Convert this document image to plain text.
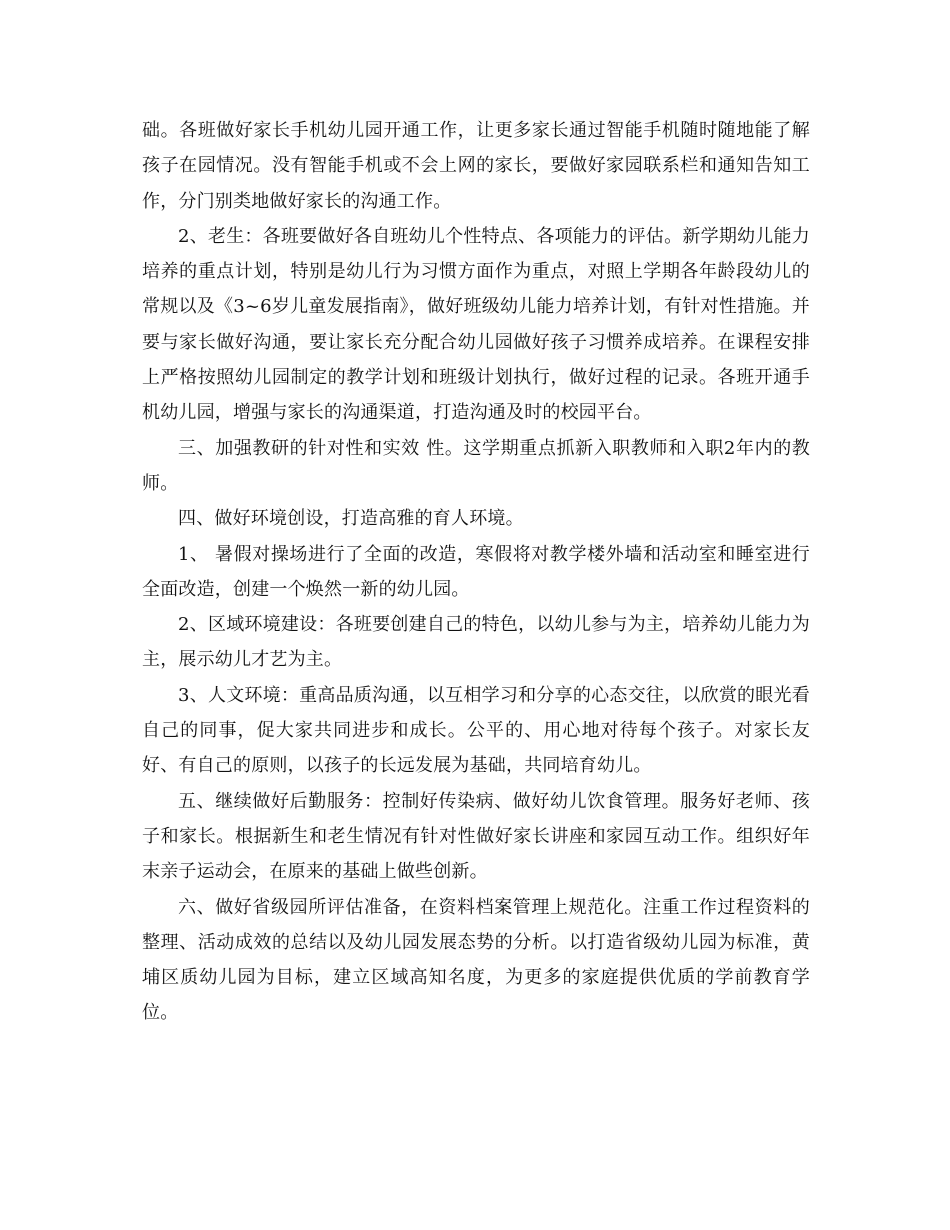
础。各班做好家长手机幼儿园开通工作，让更多家长通过智能手机随时随地能了解孩子在园情况。没有智能手机或不会上网的家长，要做好家园联系栏和通知告知工作，分门别类地做好家长的沟通工作。

2、老生：各班要做好各自班幼儿个性特点、各项能力的评估。新学期幼儿能力培养的重点计划，特别是幼儿行为习惯方面作为重点，对照上学期各年龄段幼儿的常规以及《3~6岁儿童发展指南》，做好班级幼儿能力培养计划，有针对性措施。并要与家长做好沟通，要让家长充分配合幼儿园做好孩子习惯养成培养。在课程安排上严格按照幼儿园制定的教学计划和班级计划执行，做好过程的记录。各班开通手机幼儿园，增强与家长的沟通渠道，打造沟通及时的校园平台。

三、加强教研的针对性和实效 性。这学期重点抓新入职教师和入职2年内的教师。

四、做好环境创设，打造高雅的育人环境。

1、 暑假对操场进行了全面的改造，寒假将对教学楼外墙和活动室和睡室进行全面改造，创建一个焕然一新的幼儿园。

2、区域环境建设：各班要创建自己的特色，以幼儿参与为主，培养幼儿能力为主，展示幼儿才艺为主。

3、人文环境：重高品质沟通，以互相学习和分享的心态交往，以欣赏的眼光看自己的同事，促大家共同进步和成长。公平的、用心地对待每个孩子。对家长友好、有自己的原则，以孩子的长远发展为基础，共同培育幼儿。

五、继续做好后勤服务：控制好传染病、做好幼儿饮食管理。服务好老师、孩子和家长。根据新生和老生情况有针对性做好家长讲座和家园互动工作。组织好年末亲子运动会，在原来的基础上做些创新。

六、做好省级园所评估准备，在资料档案管理上规范化。注重工作过程资料的整理、活动成效的总结以及幼儿园发展态势的分析。以打造省级幼儿园为标准，黄埔区质幼儿园为目标，建立区域高知名度，为更多的家庭提供优质的学前教育学位。
